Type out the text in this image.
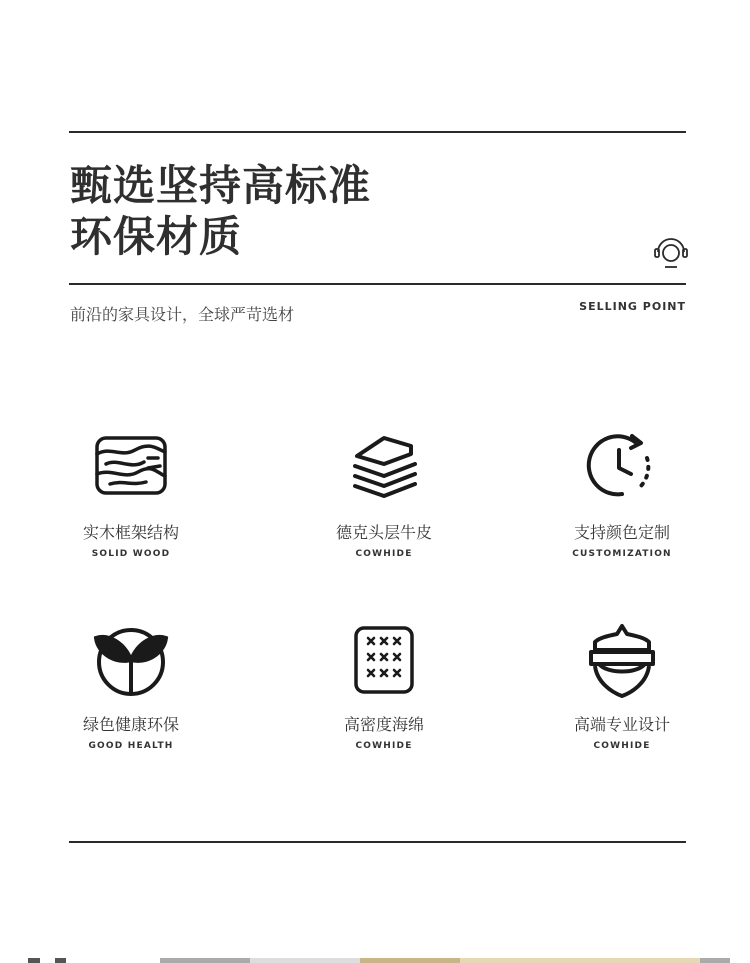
甄选坚持高标准
环保材质
前沿的家具设计，全球严苛选材	SELLING POINT
实木框架结构
SOLID WOOD
德克头层牛皮
COWHIDE
支持颜色定制
CUSTOMIZATION
绿色健康环保
GOOD HEALTH
高密度海绵
COWHIDE
高端专业设计
COWHIDE
